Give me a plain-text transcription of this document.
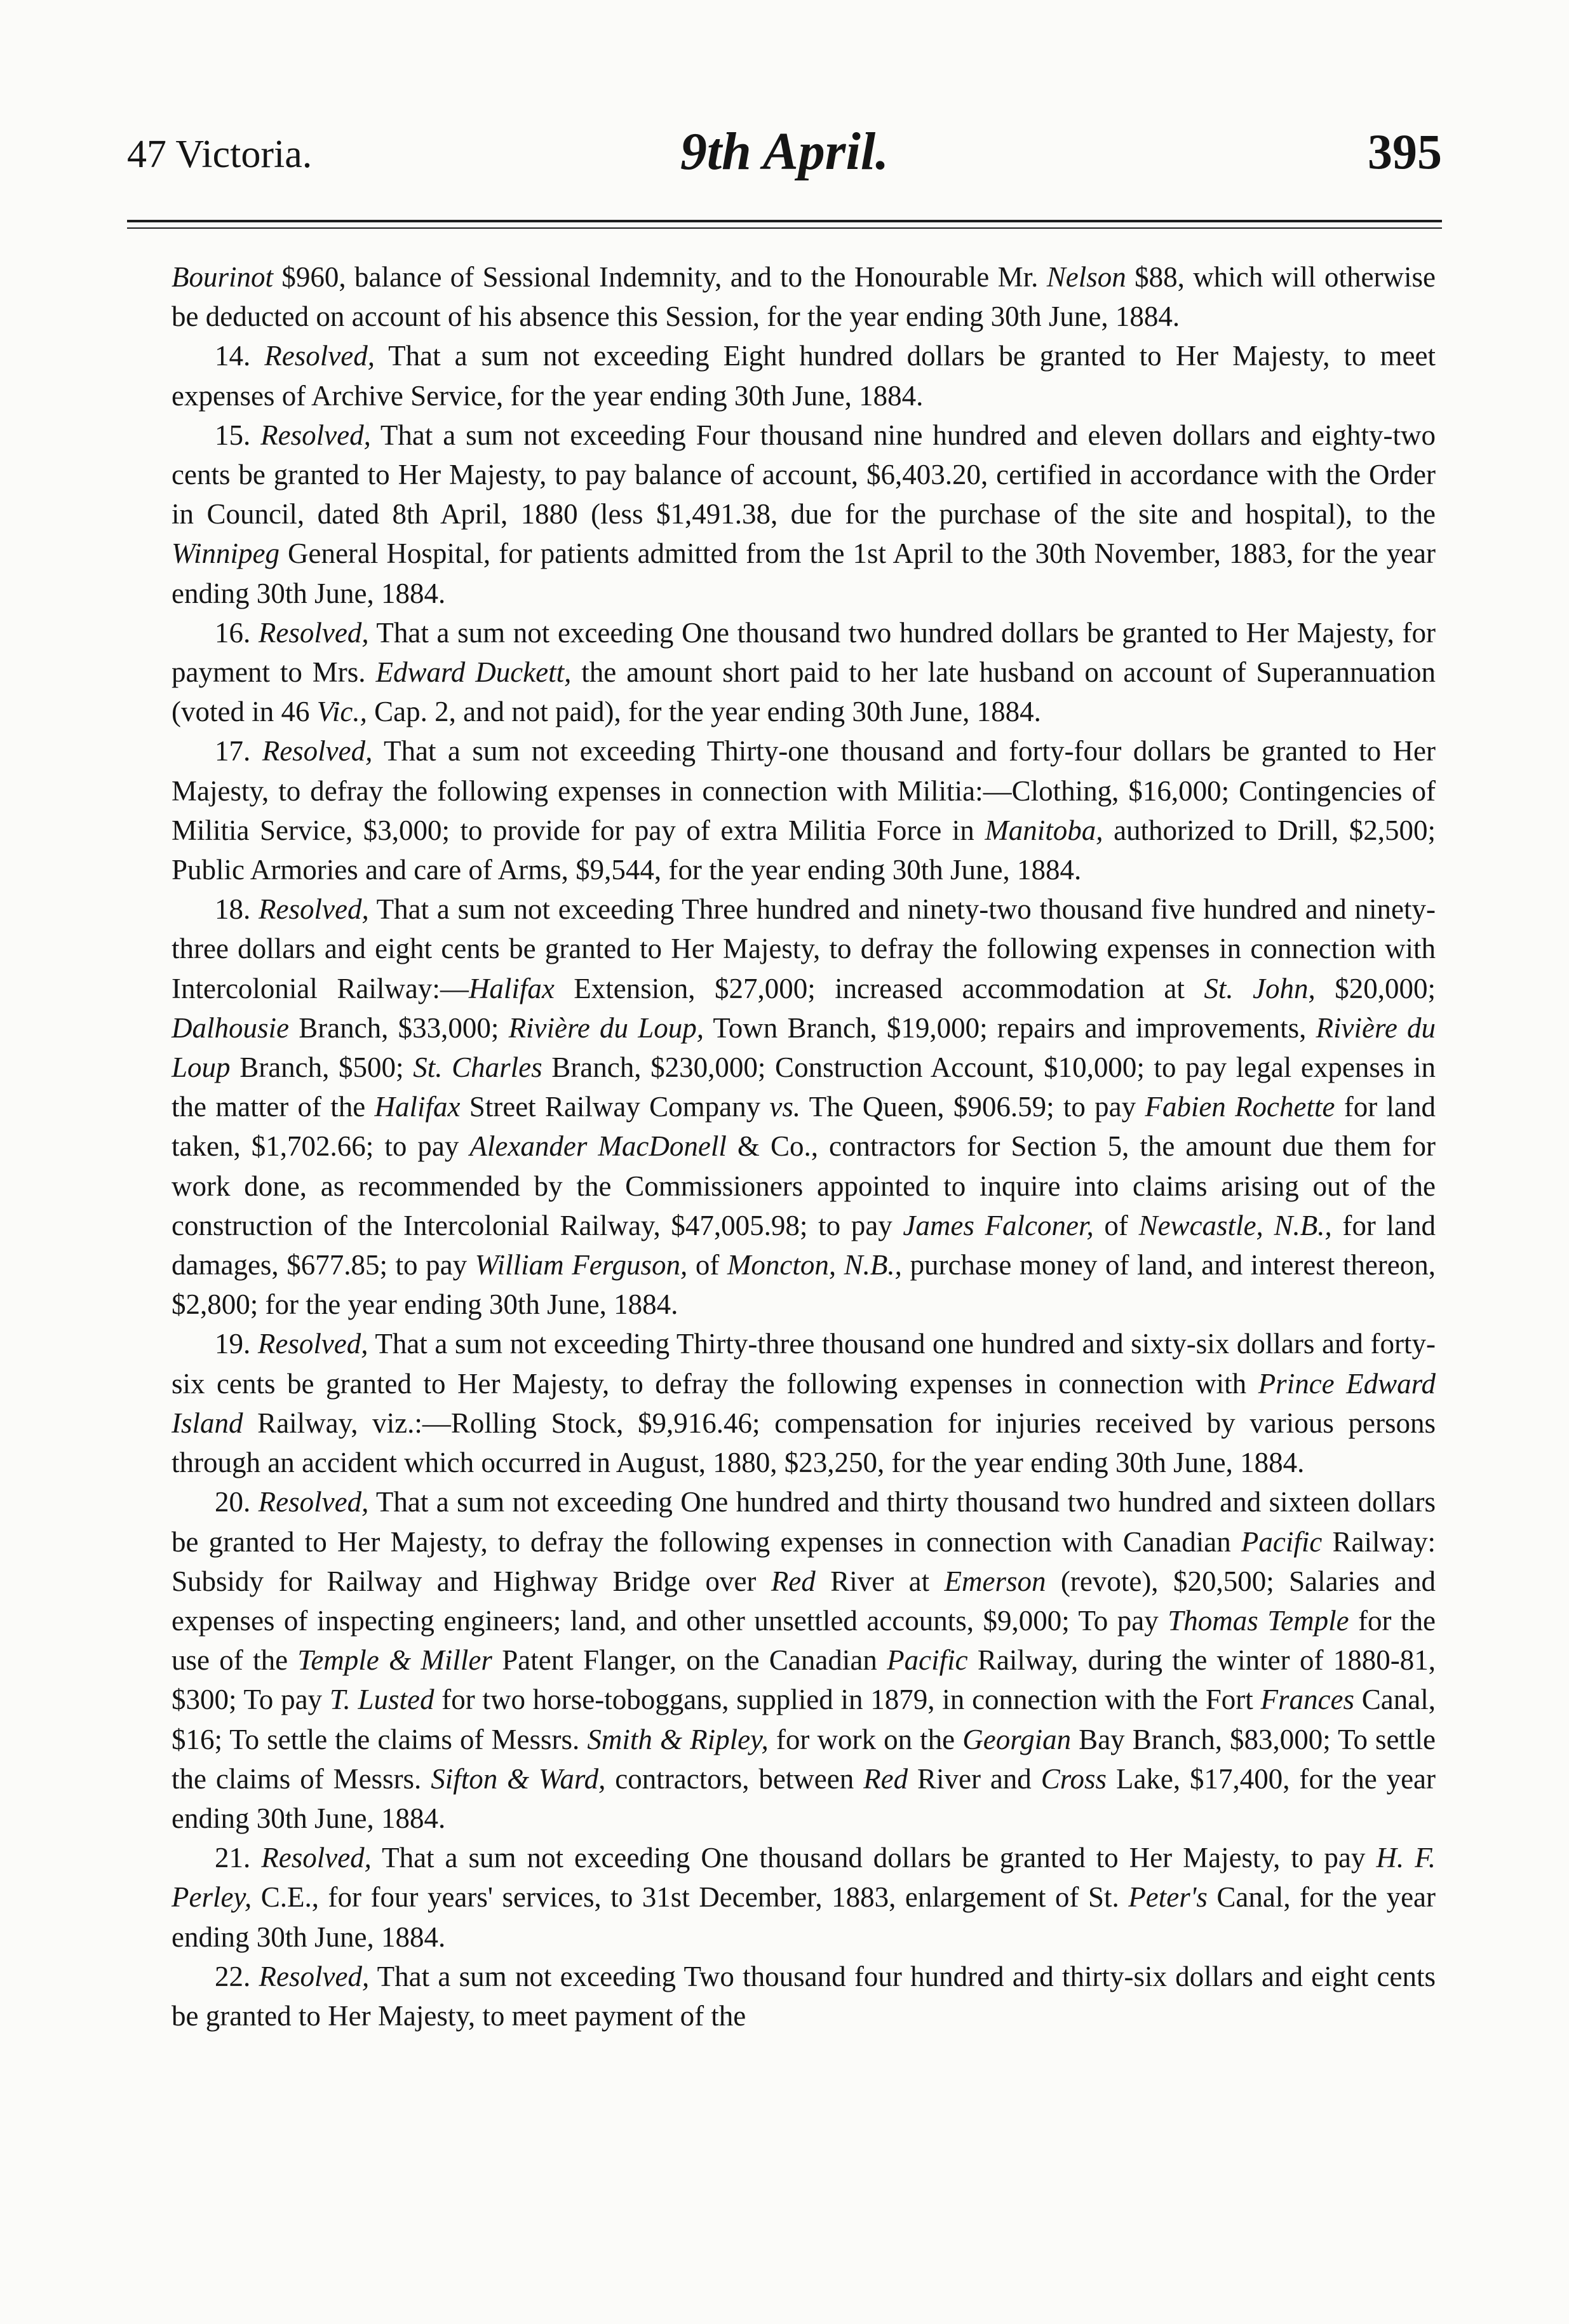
47 Victoria.	9th April.	395

Bourinot $960, balance of Sessional Indemnity, and to the Honourable Mr. Nelson $88, which will otherwise be deducted on account of his absence this Session, for the year ending 30th June, 1884.

14. Resolved, That a sum not exceeding Eight hundred dollars be granted to Her Majesty, to meet expenses of Archive Service, for the year ending 30th June, 1884.

15. Resolved, That a sum not exceeding Four thousand nine hundred and eleven dollars and eighty-two cents be granted to Her Majesty, to pay balance of account, $6,403.20, certified in accordance with the Order in Council, dated 8th April, 1880 (less $1,491.38, due for the purchase of the site and hospital), to the Winnipeg General Hospital, for patients admitted from the 1st April to the 30th November, 1883, for the year ending 30th June, 1884.

16. Resolved, That a sum not exceeding One thousand two hundred dollars be granted to Her Majesty, for payment to Mrs. Edward Duckett, the amount short paid to her late husband on account of Superannuation (voted in 46 Vic., Cap. 2, and not paid), for the year ending 30th June, 1884.

17. Resolved, That a sum not exceeding Thirty-one thousand and forty-four dollars be granted to Her Majesty, to defray the following expenses in connection with Militia:—Clothing, $16,000; Contingencies of Militia Service, $3,000; to provide for pay of extra Militia Force in Manitoba, authorized to Drill, $2,500; Public Armories and care of Arms, $9,544, for the year ending 30th June, 1884.

18. Resolved, That a sum not exceeding Three hundred and ninety-two thousand five hundred and ninety-three dollars and eight cents be granted to Her Majesty, to defray the following expenses in connection with Intercolonial Railway:—Halifax Extension, $27,000; increased accommodation at St. John, $20,000; Dalhousie Branch, $33,000; Rivière du Loup, Town Branch, $19,000; repairs and improvements, Rivière du Loup Branch, $500; St. Charles Branch, $230,000; Construction Account, $10,000; to pay legal expenses in the matter of the Halifax Street Railway Company vs. The Queen, $906.59; to pay Fabien Rochette for land taken, $1,702.66; to pay Alexander MacDonell & Co., contractors for Section 5, the amount due them for work done, as recommended by the Commissioners appointed to inquire into claims arising out of the construction of the Intercolonial Railway, $47,005.98; to pay James Falconer, of Newcastle, N.B., for land damages, $677.85; to pay William Ferguson, of Moncton, N.B., purchase money of land, and interest thereon, $2,800; for the year ending 30th June, 1884.

19. Resolved, That a sum not exceeding Thirty-three thousand one hundred and sixty-six dollars and forty-six cents be granted to Her Majesty, to defray the following expenses in connection with Prince Edward Island Railway, viz.:—Rolling Stock, $9,916.46; compensation for injuries received by various persons through an accident which occurred in August, 1880, $23,250, for the year ending 30th June, 1884.

20. Resolved, That a sum not exceeding One hundred and thirty thousand two hundred and sixteen dollars be granted to Her Majesty, to defray the following expenses in connection with Canadian Pacific Railway: Subsidy for Railway and Highway Bridge over Red River at Emerson (revote), $20,500; Salaries and expenses of inspecting engineers; land, and other unsettled accounts, $9,000; To pay Thomas Temple for the use of the Temple & Miller Patent Flanger, on the Canadian Pacific Railway, during the winter of 1880-81, $300; To pay T. Lusted for two horse-toboggans, supplied in 1879, in connection with the Fort Frances Canal, $16; To settle the claims of Messrs. Smith & Ripley, for work on the Georgian Bay Branch, $83,000; To settle the claims of Messrs. Sifton & Ward, contractors, between Red River and Cross Lake, $17,400, for the year ending 30th June, 1884.

21. Resolved, That a sum not exceeding One thousand dollars be granted to Her Majesty, to pay H. F. Perley, C.E., for four years' services, to 31st December, 1883, enlargement of St. Peter's Canal, for the year ending 30th June, 1884.

22. Resolved, That a sum not exceeding Two thousand four hundred and thirty-six dollars and eight cents be granted to Her Majesty, to meet payment of the
